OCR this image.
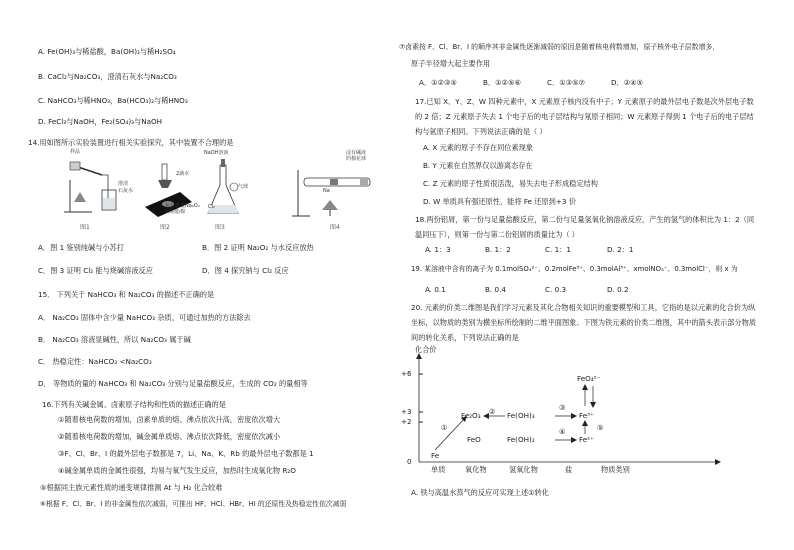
A. Fe(OH)₃与稀盐酸，Ba(OH)₂与稀H₂SO₄
B. CaCl₂与Na₂CO₃，澄清石灰水与Na₂CO₃
C. NaHCO₃与稀HNO₃，Ba(HCO₃)₂与稀HNO₃
D. FeCl₃与NaOH，Fe₂(SO₄)₃与NaOH
14.用如图所示实验装置进行相关实验探究，其中装置不合理的是
样品
澄清
石灰水
图1
2滴水
包有足量Na₂O₂
的脱脂棉
图2
NaOH溶液
气球
Cl₂
图3
浸有碱液
的棉花球
Na
图4
A．图 1 鉴别纯碱与小苏打	B．图 2 证明 Na₂O₂ 与水反应放热
C．图 3 证明 Cl₂ 能与烧碱溶液反应	D．图 4 探究钠与 Cl₂ 反应
15． 下列关于 NaHCO₃ 和 Na₂CO₃ 的描述不正确的是
A． Na₂CO₃ 固体中含少量 NaHCO₃ 杂质，可通过加热的方法除去
B． Na₂CO₃ 溶液显碱性，所以 Na₂CO₃ 属于碱
C． 热稳定性：NaHCO₃ <Na₂CO₃
D． 等物质的量的 NaHCO₃ 和 Na₂CO₃ 分别与足量盐酸反应，生成的 CO₂ 的量相等
16.下列有关碱金属、卤素原子结构和性质的描述正确的是
①随着核电荷数的增加，卤素单质的熔、沸点依次升高，密度依次增大
②随着核电荷数的增加，碱金属单质熔、沸点依次降低，密度依次减小
③F、Cl、Br、I 的最外层电子数都是 7，Li、Na、K、Rb 的最外层电子数都是 1
④碱金属单质的金属性很强，均易与氧气发生反应，加热时生成氧化物 R₂O
⑤根据同主族元素性质的递变规律推测 At 与 H₂ 化合较难
⑥根据 F、Cl、Br、I 的非金属性依次减弱，可推出 HF、HCl、HBr、HI 的还原性及热稳定性依次减弱
⑦卤素按 F、Cl、Br、I 的顺序其非金属性逐渐减弱的原因是随着核电荷数增加，原子核外电子层数增多，
原子半径增大起主要作用
A．①②③⑤	B．①②⑤⑥	C．①③⑤⑦	D．②④⑤
17.已知 X、Y、Z、W 四种元素中，X 元素原子核内没有中子；Y 元素原子的最外层电子数是次外层电子数的 2 倍；Z 元素原子失去 1 个电子后的电子层结构与氖原子相同；W 元素原子得到 1 个电子后的电子层结构与氩原子相同。下列说法正确的是（ ）
A. X 元素的原子不存在同位素现象
B. Y 元素在自然界仅以游离态存在
C. Z 元素的原子性质很活泼，易失去电子形成稳定结构
D. W 单质具有强还原性，能将 Fe 还原到+3 价
18.两份铝屑，第一份与足量盐酸反应，第二份与足量氢氧化钠溶液反应，产生的氢气的体积比为 1：2（同温同压下），则第一份与第二份铝屑的质量比为（ ）
A. 1：3	B. 1：2	C. 1：1	D. 2：1
19. 某溶液中含有的离子为 0.1molSO₄²⁻、0.2molFe³⁺、0.3molAl³⁺、xmolNO₃⁻、0.3molCl⁻，则 x 为
A. 0.1	B. 0.4	C. 0.3	D. 0.2
20. 元素的价类二维图是我们学习元素及其化合物相关知识的重要模型和工具，它指的是以元素的化合价为纵坐标，以物质的类别为横坐标所绘制的二维平面图象。下图为铁元素的价类二维图，其中的箭头表示部分物质间的转化关系，下列说法正确的是
化合价
+6
+3
+2
0
单质	氧化物	氢氧化物	盐	物质类别
Fe
FeO
Fe₂O₃	Fe(OH)₃
Fe(OH)₂
Fe³⁺
Fe²⁺
FeO₄²⁻
①
②	③
④	⑤
A. 铁与高温水蒸气的反应可实现上述①转化
